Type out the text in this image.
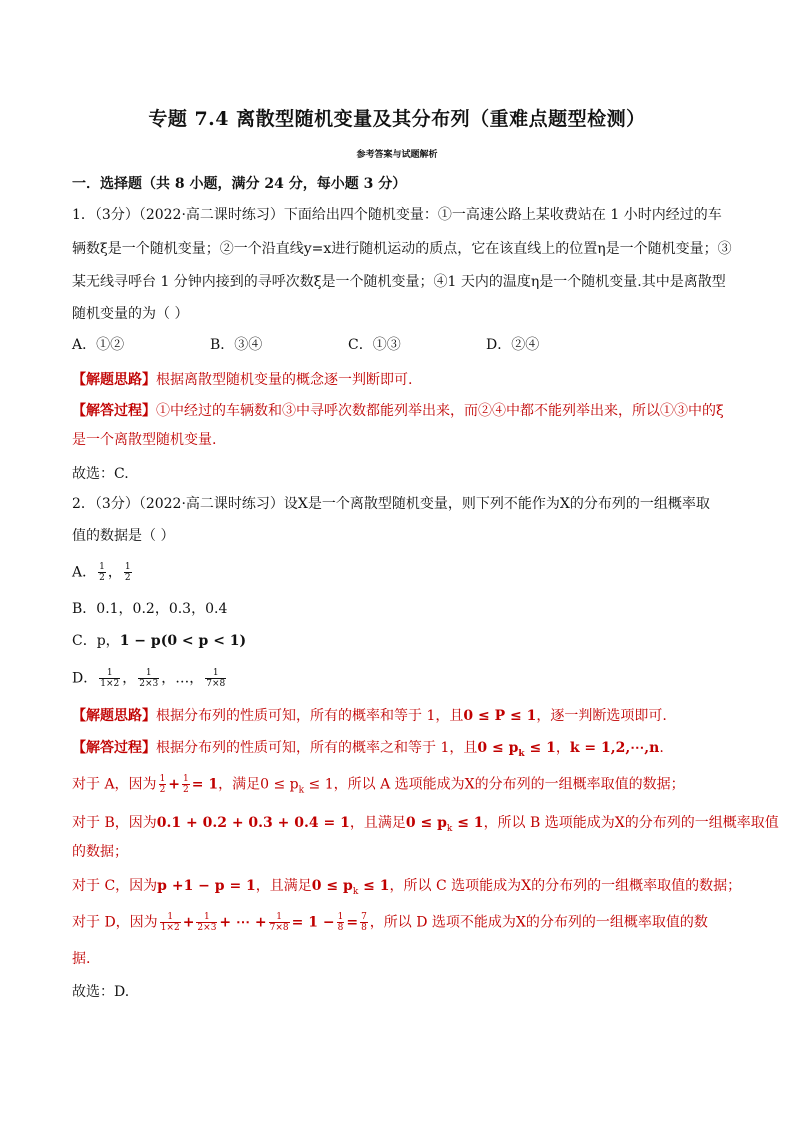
专题 7.4 离散型随机变量及其分布列（重难点题型检测）
参考答案与试题解析
一．选择题（共 8 小题，满分 24 分，每小题 3 分）
1．（3分）（2022·高二课时练习）下面给出四个随机变量：①一高速公路上某收费站在 1 小时内经过的车
辆数ξ是一个随机变量；②一个沿直线y=x进行随机运动的质点，它在该直线上的位置η是一个随机变量；③
某无线寻呼台 1 分钟内接到的寻呼次数ξ是一个随机变量；④1 天内的温度η是一个随机变量.其中是离散型
随机变量的为（ ）
A．①②	B．③④	C．①③	D．②④
【解题思路】根据离散型随机变量的概念逐一判断即可.
【解答过程】①中经过的车辆数和③中寻呼次数都能列举出来，而②④中都不能列举出来，所以①③中的ξ
是一个离散型随机变量.
故选：C.
2．（3分）（2022·高二课时练习）设X是一个离散型随机变量，则下列不能作为X的分布列的一组概率取
值的数据是（ ）
A． $\frac{1}{2}$ ， $\frac{1}{2}$
B．0.1，0.2，0.3，0.4
C．p，1 − p(0 < p < 1)
D． $\frac{1}{1\times 2}$ ， $\frac{1}{2\times 3}$ ，…， $\frac{1}{7\times 8}$
【解题思路】根据分布列的性质可知，所有的概率和等于 1，且0 ≤ P ≤ 1，逐一判断选项即可.
【解答过程】根据分布列的性质可知，所有的概率之和等于 1，且$0 \le p_k \le 1$，k = 1,2,⋯,n.
对于 A，因为 $\frac{1}{2} + \frac{1}{2} = 1$，满足$0 \le p_k \le 1$，所以 A 选项能成为X的分布列的一组概率取值的数据；
对于 B，因为0.1 + 0.2 + 0.3 + 0.4 = 1，且满足$0 \le p_k \le 1$，所以 B 选项能成为X的分布列的一组概率取值
的数据；
对于 C，因为p +1 − p = 1，且满足$0 \le p_k \le 1$，所以 C 选项能成为X的分布列的一组概率取值的数据；
对于 D，因为 $\frac{1}{1\times 2} + \frac{1}{2\times 3}$ + ⋯ + $\frac{1}{7\times 8} = 1 - \frac{1}{8} = \frac{7}{8}$ ，所以 D 选项不能成为X的分布列的一组概率取值的数
据.
故选：D.
